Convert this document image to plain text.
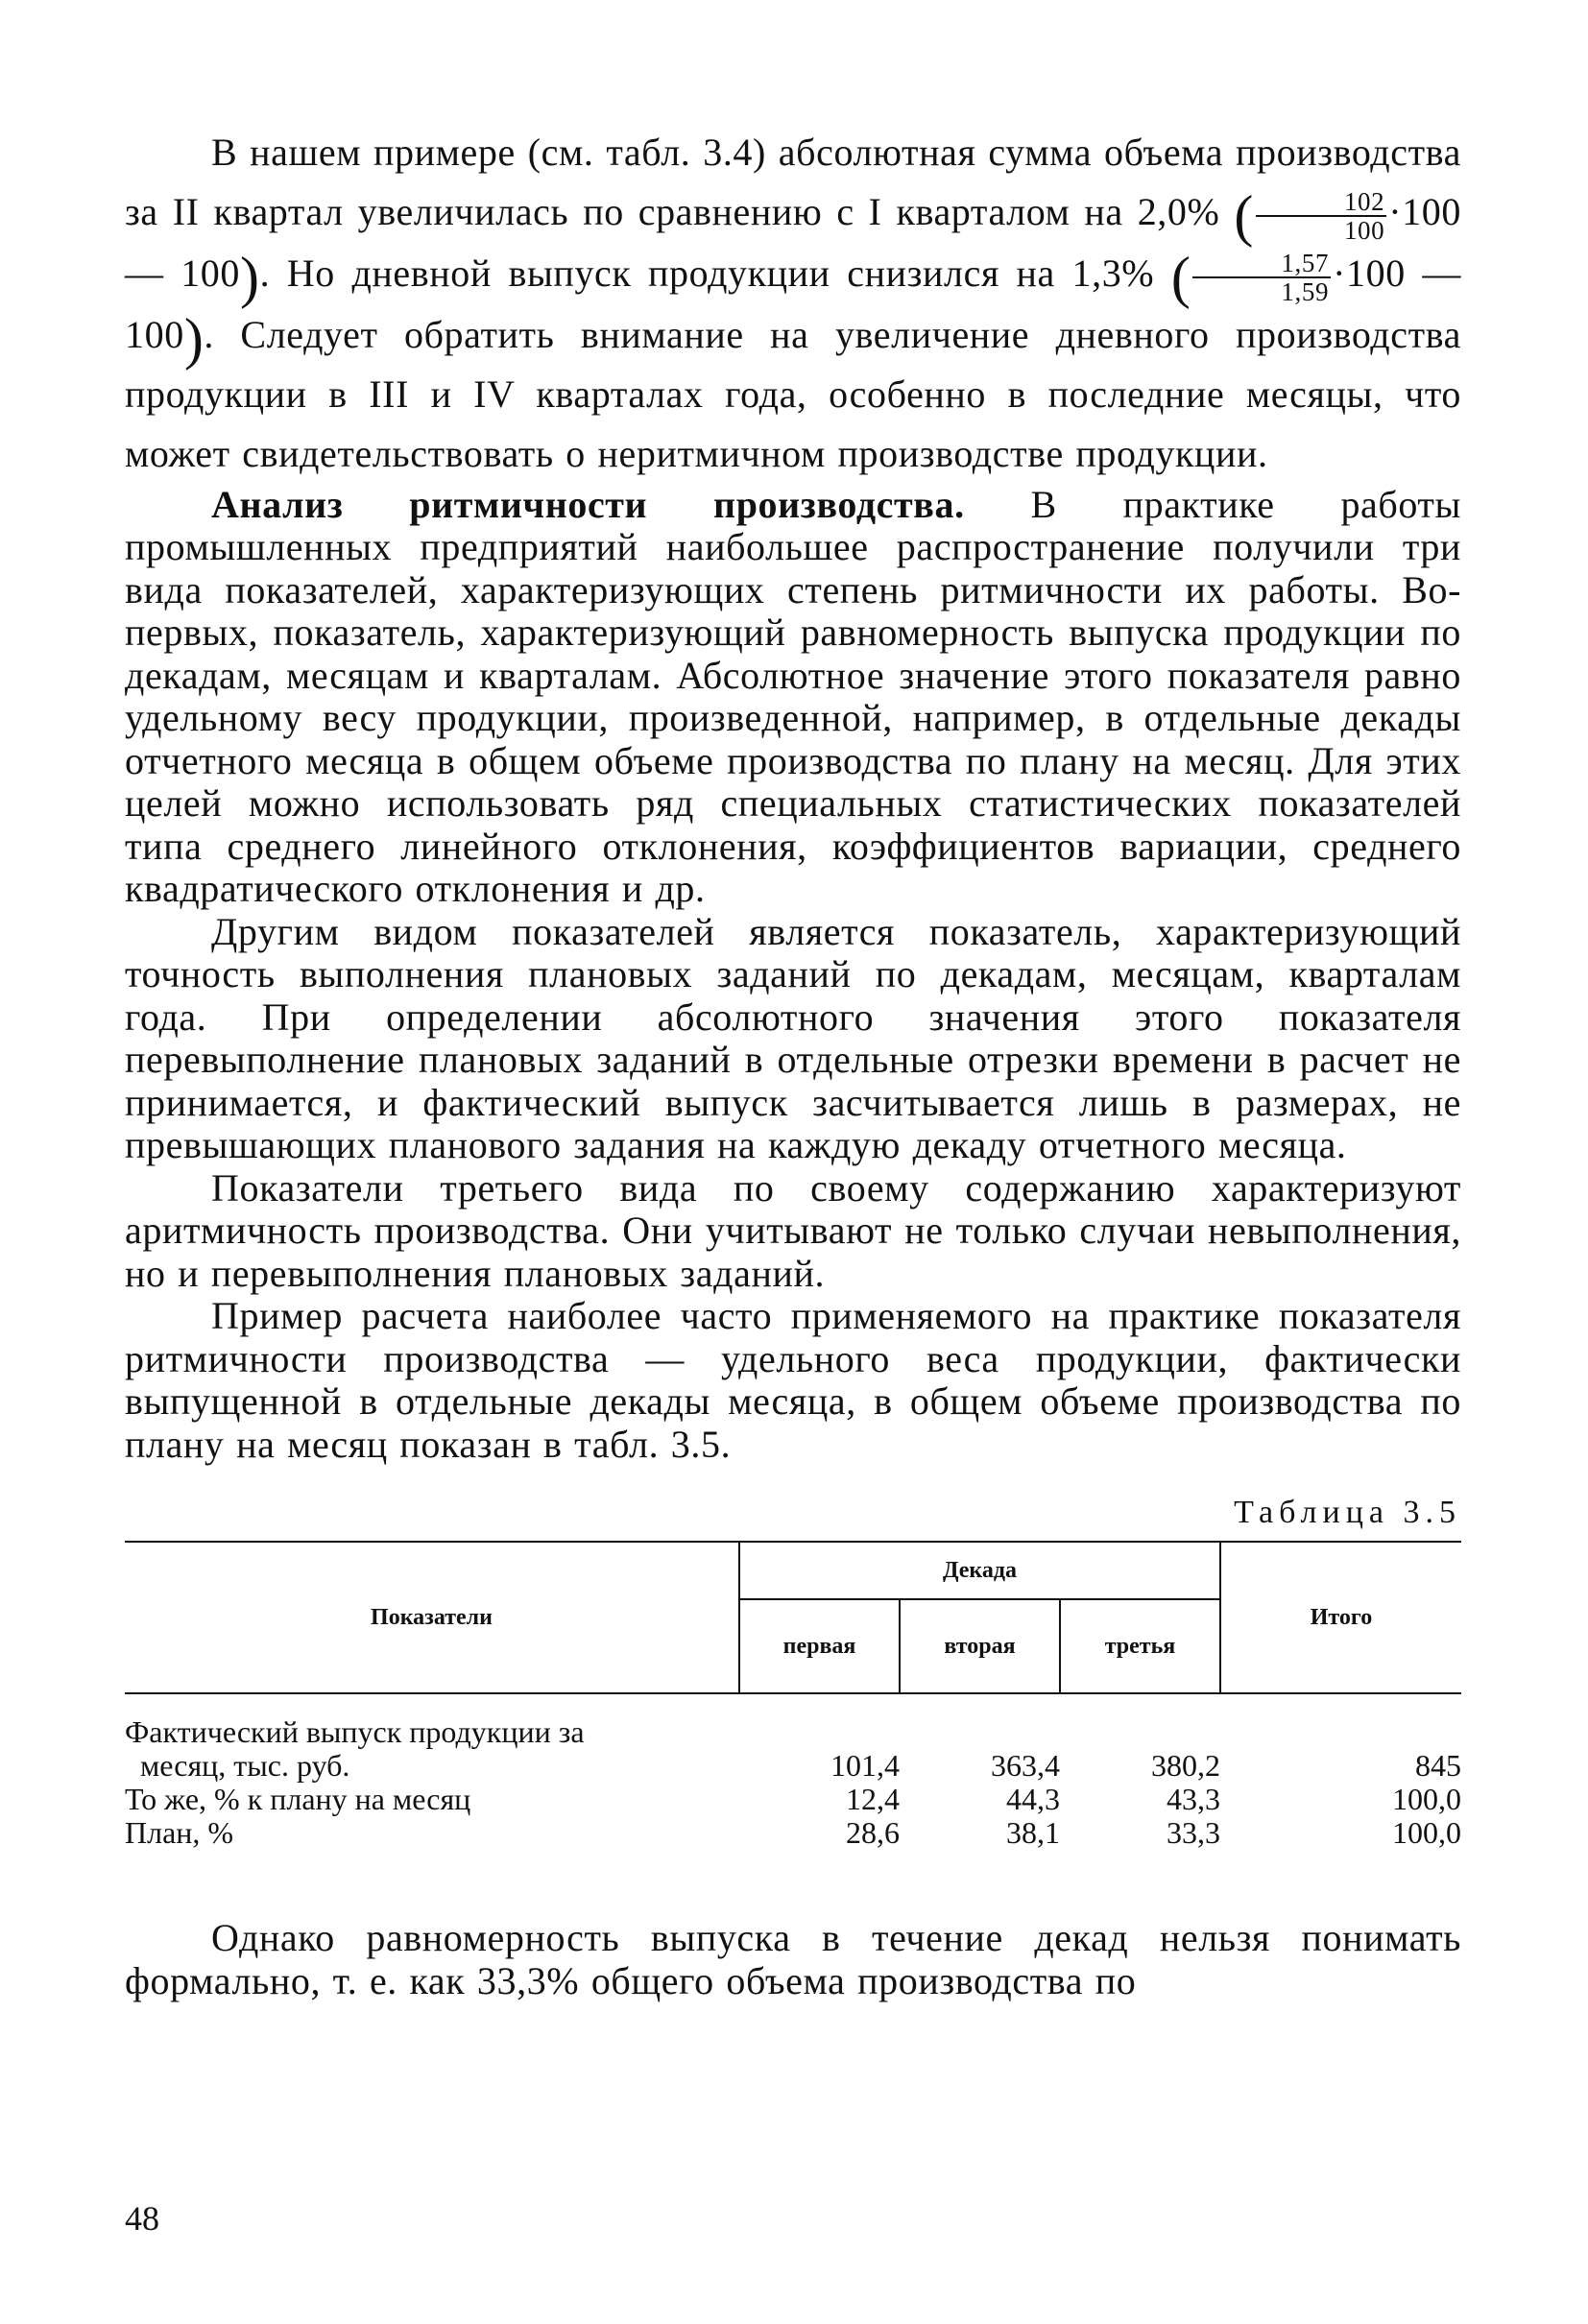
В нашем примере (см. табл. 3.4) абсолютная сумма объема производства за II квартал увеличилась по сравнению с I кварталом на 2,0% ( $\frac{102}{100} \cdot 100$ — 100). Но дневной выпуск продукции снизился на 1,3% ( $\frac{1,57}{1,59} \cdot 100$ — 100). Следует обратить внимание на увеличение дневного производства продукции в III и IV кварталах года, особенно в последние месяцы, что может свидетельствовать о неритмичном производстве продукции.

Анализ ритмичности производства. В практике работы промышленных предприятий наибольшее распространение получили три вида показателей, характеризующих степень ритмичности их работы. Во-первых, показатель, характеризующий равномерность выпуска продукции по декадам, месяцам и кварталам. Абсолютное значение этого показателя равно удельному весу продукции, произведенной, например, в отдельные декады отчетного месяца в общем объеме производства по плану на месяц. Для этих целей можно использовать ряд специальных статистических показателей типа среднего линейного отклонения, коэффициентов вариации, среднего квадратического отклонения и др.

Другим видом показателей является показатель, характеризующий точность выполнения плановых заданий по декадам, месяцам, кварталам года. При определении абсолютного значения этого показателя перевыполнение плановых заданий в отдельные отрезки времени в расчет не принимается, и фактический выпуск засчитывается лишь в размерах, не превышающих планового задания на каждую декаду отчетного месяца.

Показатели третьего вида по своему содержанию характеризуют аритмичность производства. Они учитывают не только случаи невыполнения, но и перевыполнения плановых заданий.

Пример расчета наиболее часто применяемого на практике показателя ритмичности производства — удельного веса продукции, фактически выпущенной в отдельные декады месяца, в общем объеме производства по плану на месяц показан в табл. 3.5.

Таблица 3.5
Показатели	Декада			Итого
	первая	вторая	третья	

Фактический выпуск продукции за				
месяц, тыс. руб.	101,4	363,4	380,2	845
То же, % к плану на месяц	12,4	44,3	43,3	100,0
План, %	28,6	38,1	33,3	100,0

Однако равномерность выпуска в течение декад нельзя понимать формально, т. е. как 33,3% общего объема производства по

48
